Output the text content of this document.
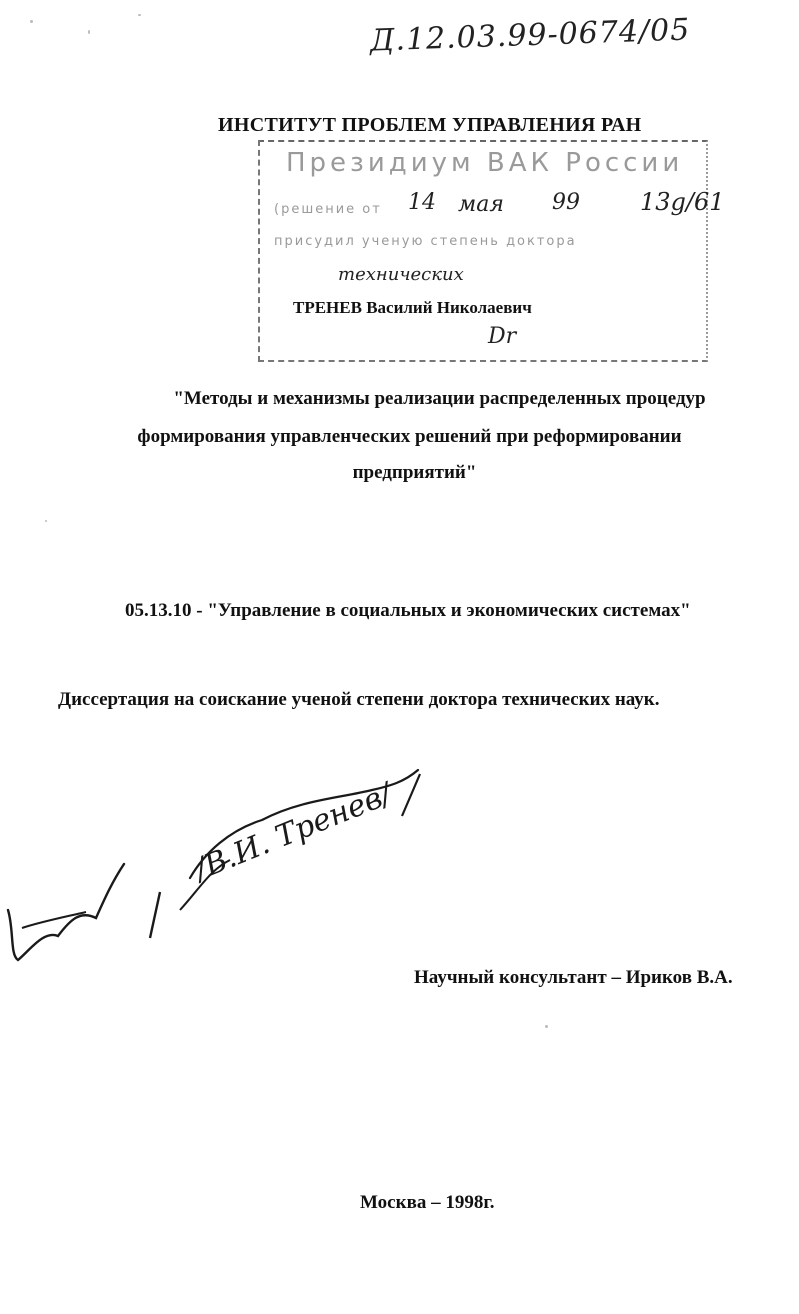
Д.12.03.99-0674/05
ИНСТИТУТ ПРОБЛЕМ УПРАВЛЕНИЯ РАН
Президиум ВАК России
(решение от
присудил ученую степень доктора
14 мая 99	13g/61
технических
Dr
ТРЕНЕВ Василий Николаевич
"Методы и механизмы реализации распределенных процедур
формирования управленческих решений при реформировании
предприятий"
05.13.10 - "Управление в социальных и экономических системах"
Диссертация на соискание ученой степени доктора технических наук.
/В.И. Тренев/
Научный консультант – Ириков В.А.
Москва – 1998г.
